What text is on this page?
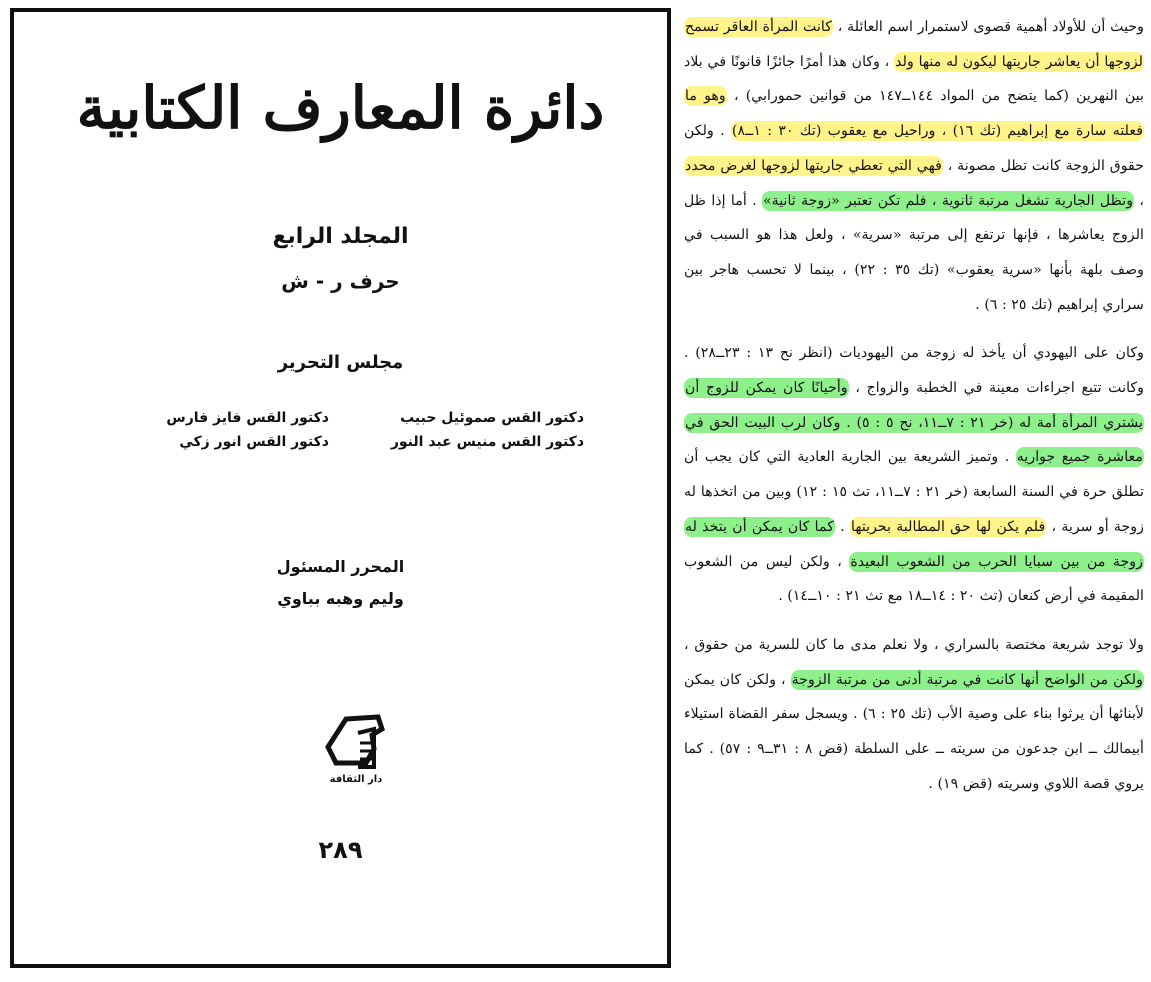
دائرة المعارف الكتابية
المجلد الرابع
حرف ر - ش
مجلس التحرير
دكتور القس صموئيل حبيب
دكتور القس فايز فارس
دكتور القس منيس عبد النور
دكتور القس انور زكي
المحرر المسئول
وليم وهبه بباوي
دار الثقافة
٢٨٩

وحيث أن للأولاد أهمية قصوى لاستمرار اسم العائلة ، كانت المرأة العاقر تسمح لزوجها أن يعاشر جاريتها ليكون له منها ولد ، وكان هذا أمرًا جائزًا قانونًا في بلاد بين النهرين (كما يتضح من المواد ١٤٤ــ١٤٧ من قوانين حمورابي) ، وهو ما فعلته سارة مع إبراهيم (تك ١٦) ، وراحيل مع يعقوب (تك ٣٠ : ١ــ٨) . ولكن حقوق الزوجة كانت تظل مصونة ، فهي التي تعطي جاريتها لزوجها لغرض محدد ، وتظل الجارية تشغل مرتبة ثانوية ، فلم تكن تعتبر «زوجة ثانية» . أما إذا ظل الزوج يعاشرها ، فإنها ترتفع إلى مرتبة «سرية» ، ولعل هذا هو السبب في وصف بلهة بأنها «سرية يعقوب» (تك ٣٥ : ٢٢) ، بينما لا تحسب هاجر بين سراري إبراهيم (تك ٢٥ : ٦) .

وكان على اليهودي أن يأخذ له زوجة من اليهوديات (انظر نح ١٣ : ٢٣ــ٢٨) . وكانت تتبع اجراءات معينة في الخطبة والزواج ، وأحيانًا كان يمكن للزوج أن يشتري المرأة أمة له (خر ٢١ : ٧ــ١١، نح ٥ : ٥) . وكان لرب البيت الحق في معاشرة جميع جواريه . وتميز الشريعة بين الجارية العادية التي كان يجب أن تطلق حرة في السنة السابعة (خر ٢١ : ٧ــ١١، تث ١٥ : ١٢) وبين من اتخذها له زوجة أو سرية ، فلم يكن لها حق المطالبة بحريتها . كما كان يمكن أن يتخذ له زوجة من بين سبايا الحرب من الشعوب البعيدة ، ولكن ليس من الشعوب المقيمة في أرض كنعان (تث ٢٠ : ١٤ــ١٨ مع تث ٢١ : ١٠ــ١٤) .

ولا توجد شريعة مختصة بالسراري ، ولا نعلم مدى ما كان للسرية من حقوق ، ولكن من الواضح أنها كانت في مرتبة أدنى من مرتبة الزوجة ، ولكن كان يمكن لأبنائها أن يرثوا بناء على وصية الأب (تك ٢٥ : ٦) . ويسجل سفر القضاة استيلاء أبيمالك ــ ابن جدعون من سريته ــ على السلطة (قض ٨ : ٣١ــ٩ : ٥٧) . كما يروي قصة اللاوي وسريته (قض ١٩) .
